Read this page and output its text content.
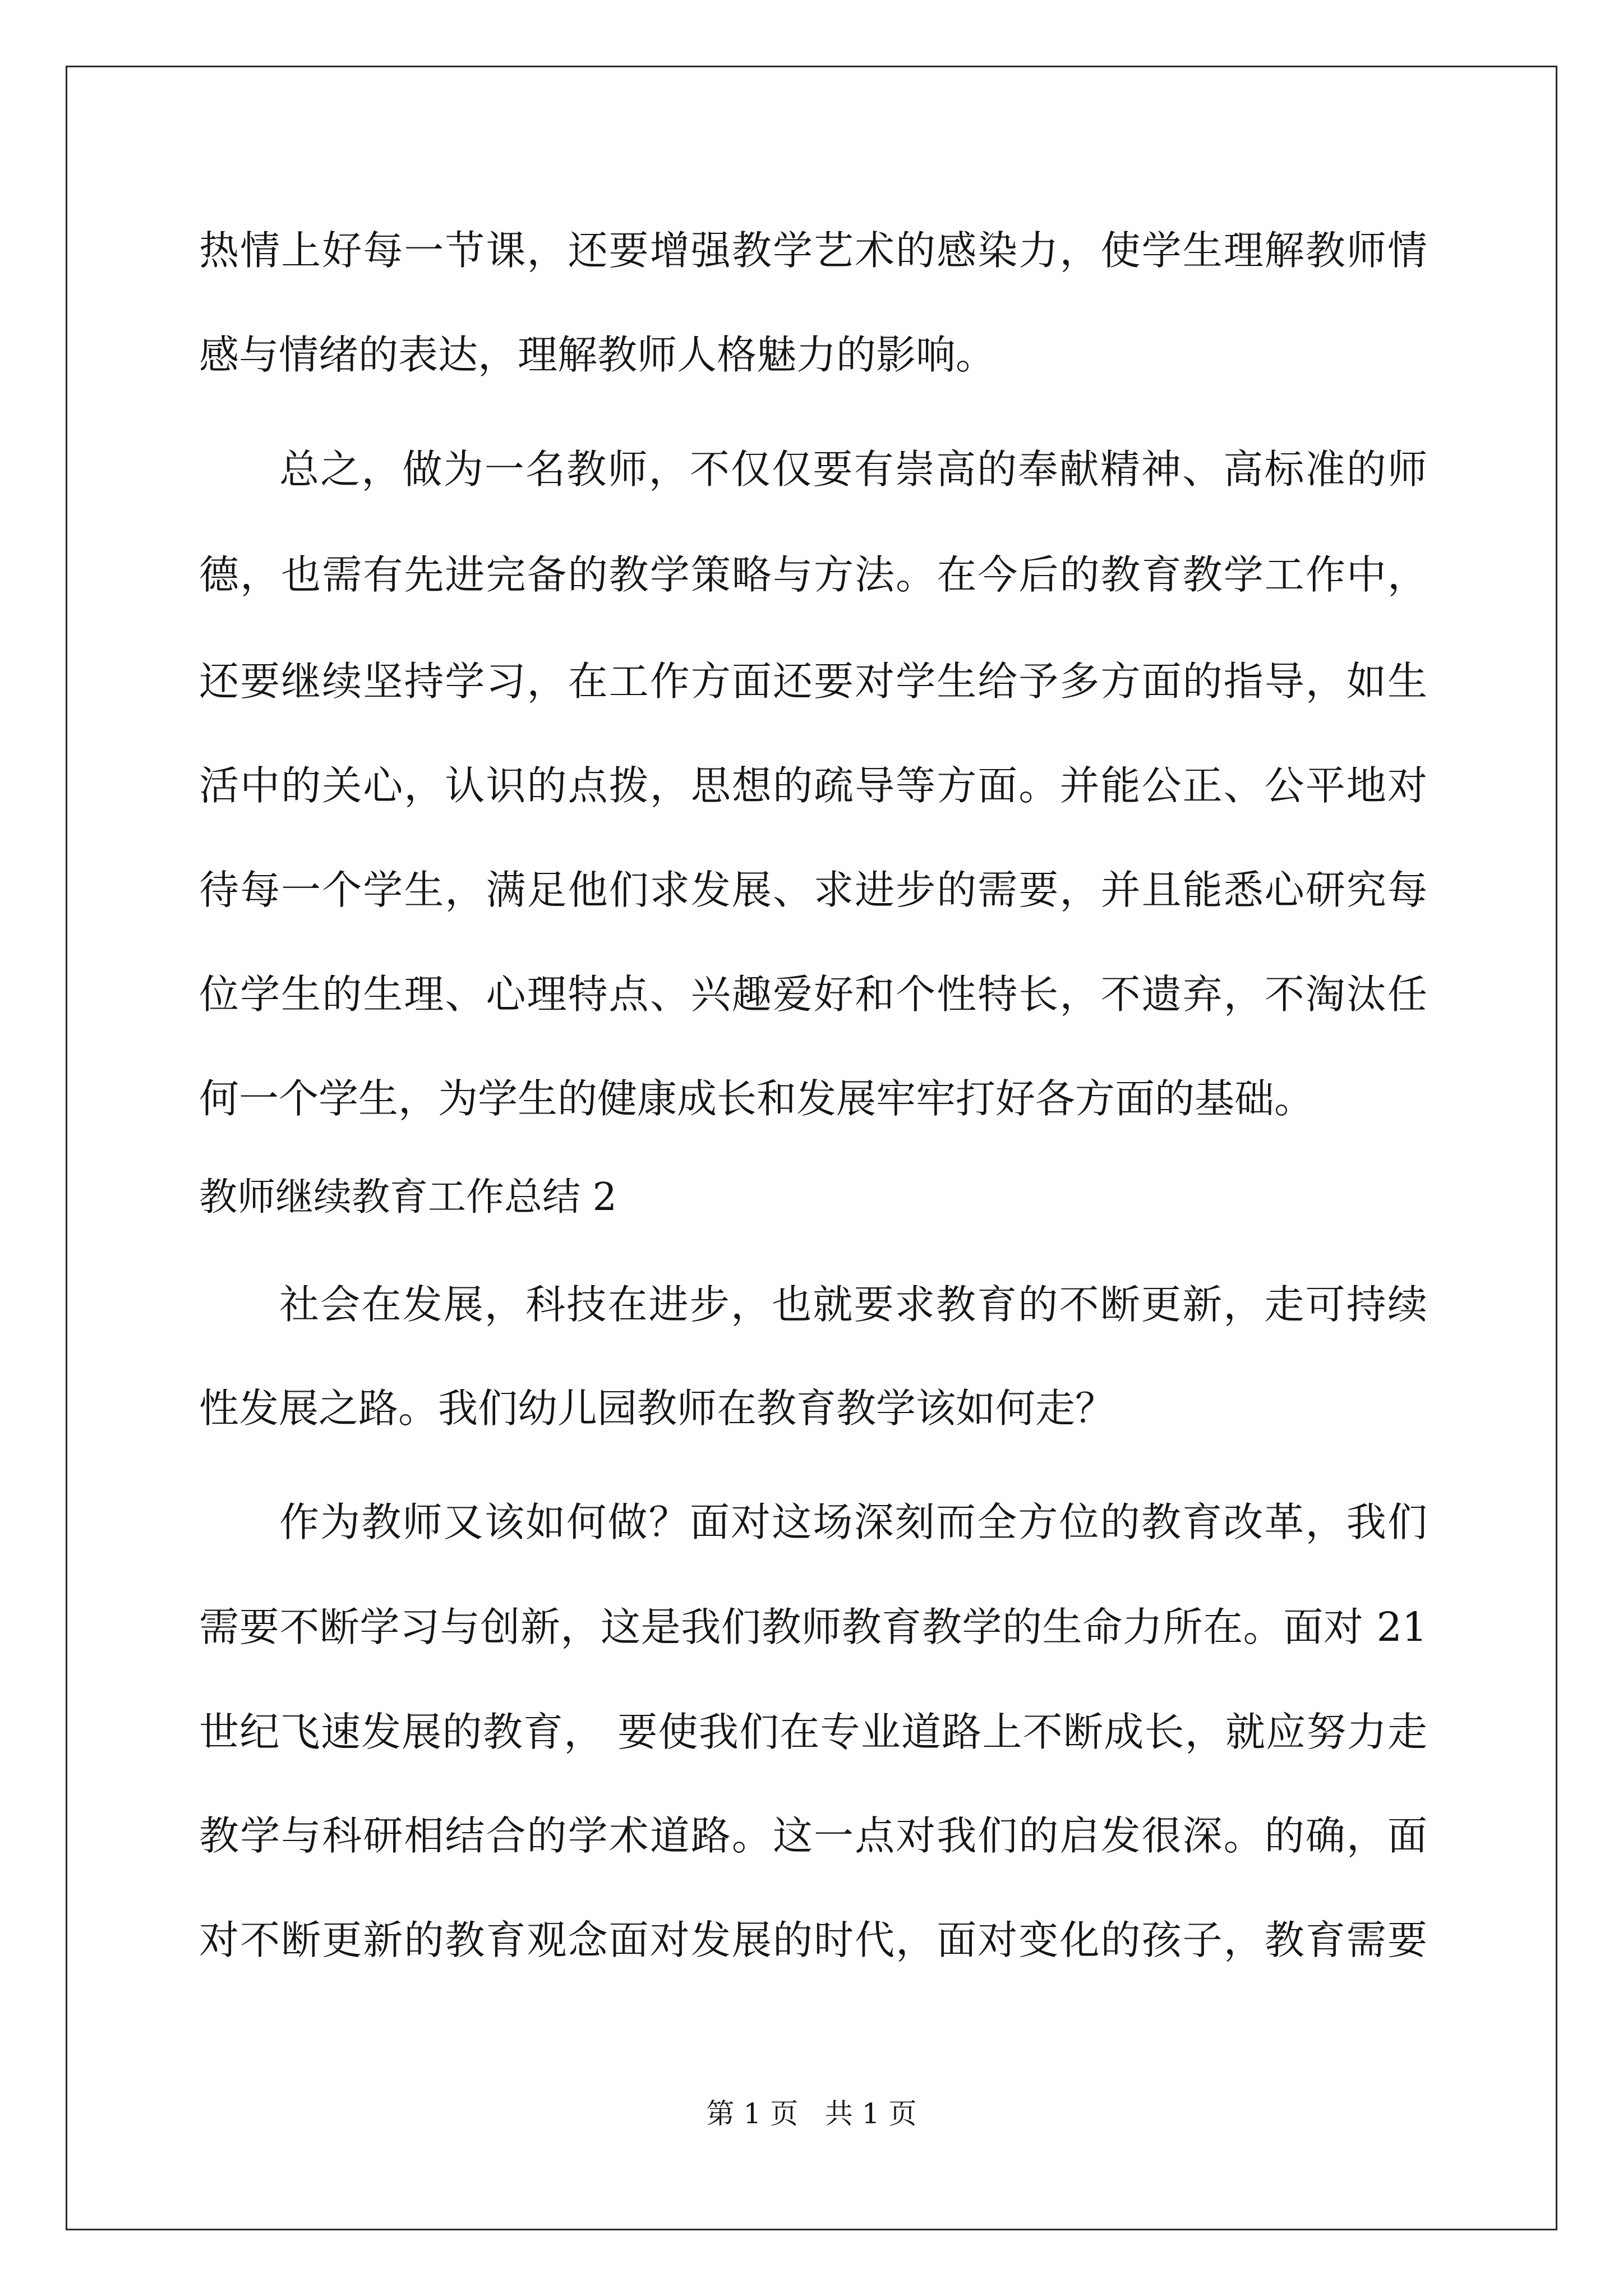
热情上好每一节课，还要增强教学艺术的感染力，使学生理解教师情
感与情绪的表达，理解教师人格魅力的影响。
总之，做为一名教师，不仅仅要有崇高的奉献精神、高标准的师
德，也需有先进完备的教学策略与方法。在今后的教育教学工作中，
还要继续坚持学习，在工作方面还要对学生给予多方面的指导，如生
活中的关心，认识的点拨，思想的疏导等方面。并能公正、公平地对
待每一个学生，满足他们求发展、求进步的需要，并且能悉心研究每
位学生的生理、心理特点、兴趣爱好和个性特长，不遗弃，不淘汰任
何一个学生，为学生的健康成长和发展牢牢打好各方面的基础。
教师继续教育工作总结 2
社会在发展，科技在进步，也就要求教育的不断更新，走可持续
性发展之路。我们幼儿园教师在教育教学该如何走？
作为教师又该如何做？面对这场深刻而全方位的教育改革，我们
需要不断学习与创新，这是我们教师教育教学的生命力所在。面对 21
世纪飞速发展的教育， 要使我们在专业道路上不断成长，就应努力走
教学与科研相结合的学术道路。这一点对我们的启发很深。的确，面
对不断更新的教育观念面对发展的时代，面对变化的孩子，教育需要
第 1 页 共 1 页
